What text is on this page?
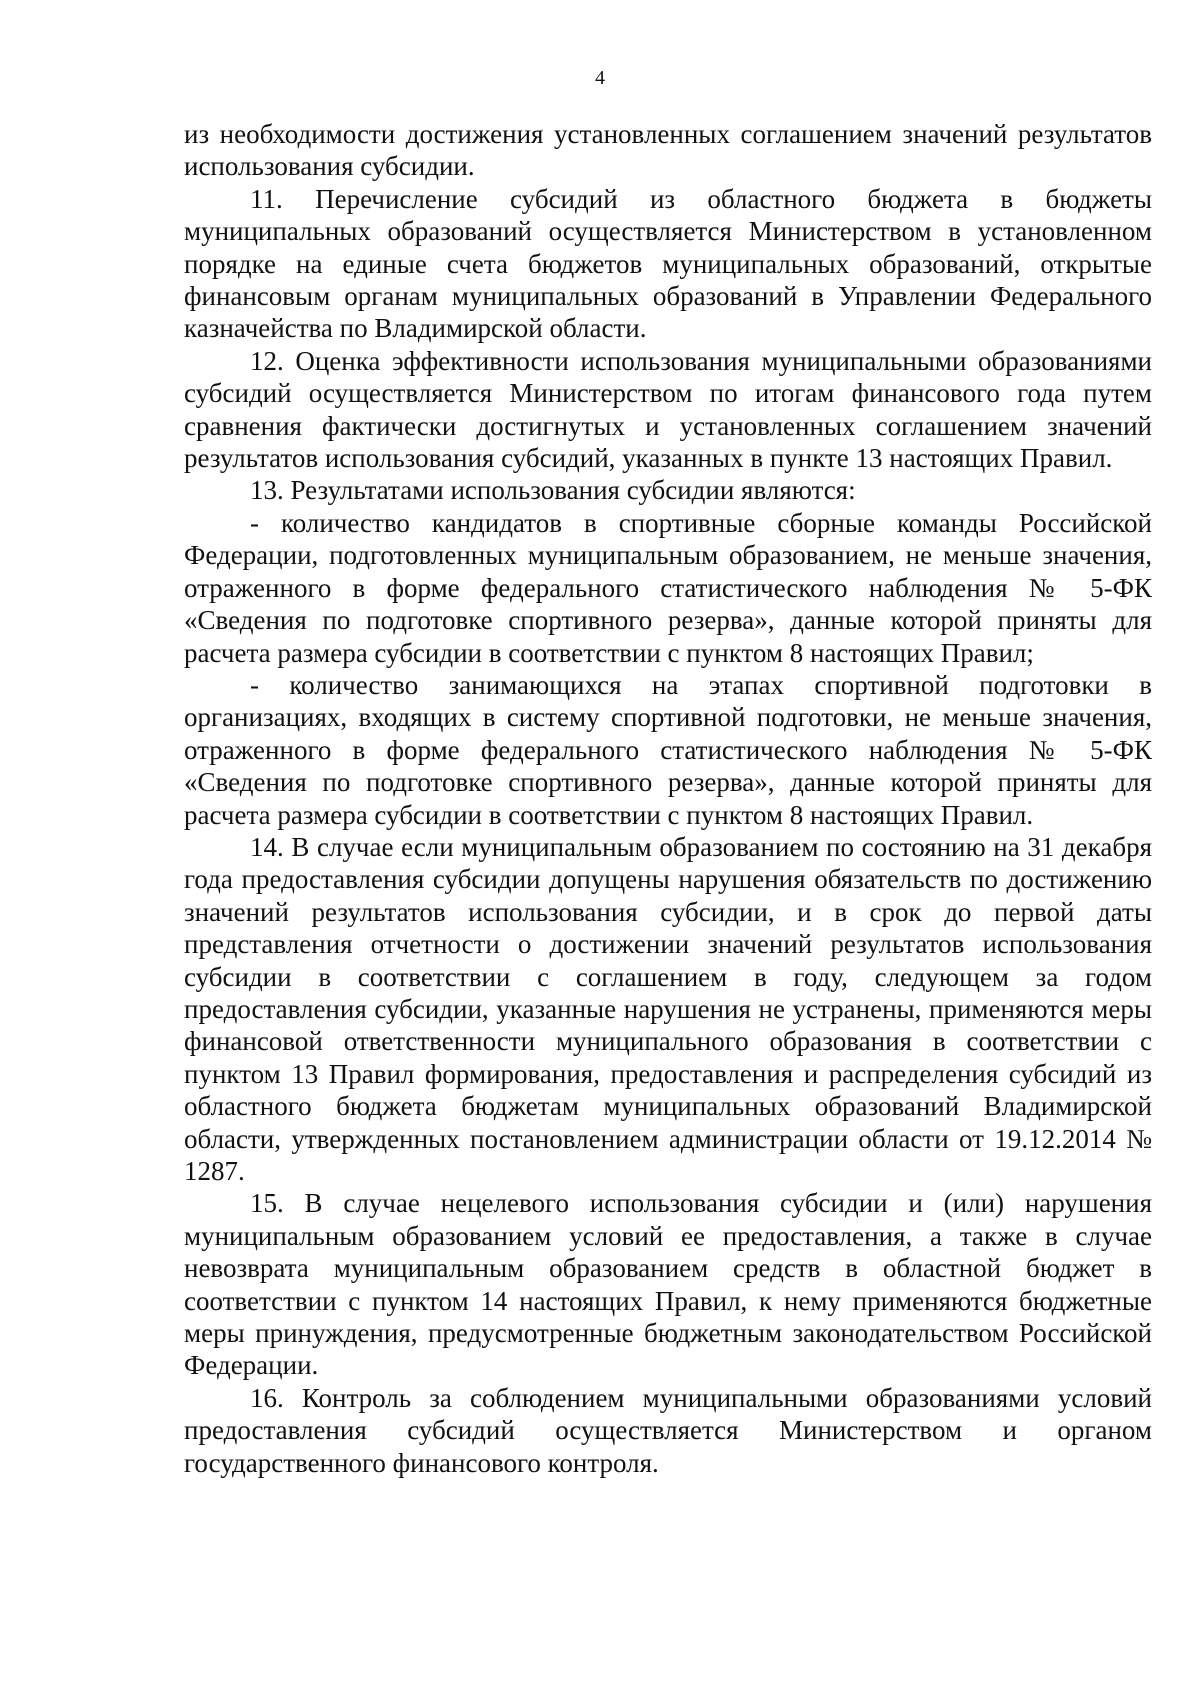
4

из необходимости достижения установленных соглашением значений результатов использования субсидии.

11. Перечисление субсидий из областного бюджета в бюджеты муниципальных образований осуществляется Министерством в установленном порядке на единые счета бюджетов муниципальных образований, открытые финансовым органам муниципальных образований в Управлении Федерального казначейства по Владимирской области.

12. Оценка эффективности использования муниципальными образованиями субсидий осуществляется Министерством по итогам финансового года путем сравнения фактически достигнутых и установленных соглашением значений результатов использования субсидий, указанных в пункте 13 настоящих Правил.

13. Результатами использования субсидии являются:

- количество кандидатов в спортивные сборные команды Российской Федерации, подготовленных муниципальным образованием, не меньше значения, отраженного в форме федерального статистического наблюдения № 5-ФК «Сведения по подготовке спортивного резерва», данные которой приняты для расчета размера субсидии в соответствии с пунктом 8 настоящих Правил;

- количество занимающихся на этапах спортивной подготовки в организациях, входящих в систему спортивной подготовки, не меньше значения, отраженного в форме федерального статистического наблюдения № 5-ФК «Сведения по подготовке спортивного резерва», данные которой приняты для расчета размера субсидии в соответствии с пунктом 8 настоящих Правил.

14. В случае если муниципальным образованием по состоянию на 31 декабря года предоставления субсидии допущены нарушения обязательств по достижению значений результатов использования субсидии, и в срок до первой даты представления отчетности о достижении значений результатов использования субсидии в соответствии с соглашением в году, следующем за годом предоставления субсидии, указанные нарушения не устранены, применяются меры финансовой ответственности муниципального образования в соответствии с пунктом 13 Правил формирования, предоставления и распределения субсидий из областного бюджета бюджетам муниципальных образований Владимирской области, утвержденных постановлением администрации области от 19.12.2014 № 1287.

15. В случае нецелевого использования субсидии и (или) нарушения муниципальным образованием условий ее предоставления, а также в случае невозврата муниципальным образованием средств в областной бюджет в соответствии с пунктом 14 настоящих Правил, к нему применяются бюджетные меры принуждения, предусмотренные бюджетным законодательством Российской Федерации.

16. Контроль за соблюдением муниципальными образованиями условий предоставления субсидий осуществляется Министерством и органом государственного финансового контроля.
